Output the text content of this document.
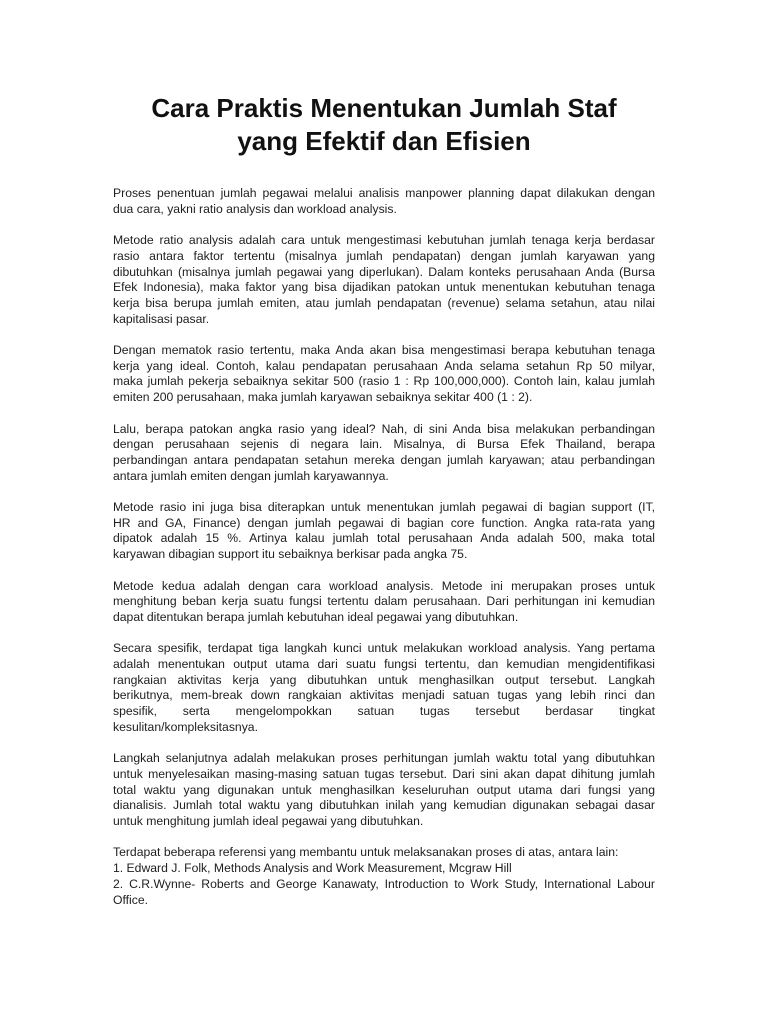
Cara Praktis Menentukan Jumlah Staf
yang Efektif dan Efisien
Proses penentuan jumlah pegawai melalui analisis manpower planning dapat dilakukan dengan
dua cara, yakni ratio analysis dan workload analysis.
Metode ratio analysis adalah cara untuk mengestimasi kebutuhan jumlah tenaga kerja berdasar
rasio antara faktor tertentu (misalnya jumlah pendapatan) dengan jumlah karyawan yang
dibutuhkan (misalnya jumlah pegawai yang diperlukan). Dalam konteks perusahaan Anda (Bursa
Efek Indonesia), maka faktor yang bisa dijadikan patokan untuk menentukan kebutuhan tenaga
kerja bisa berupa jumlah emiten, atau jumlah pendapatan (revenue) selama setahun, atau nilai
kapitalisasi pasar.
Dengan mematok rasio tertentu, maka Anda akan bisa mengestimasi berapa kebutuhan tenaga
kerja yang ideal. Contoh, kalau pendapatan perusahaan Anda selama setahun Rp 50 milyar,
maka jumlah pekerja sebaiknya sekitar 500 (rasio 1 : Rp 100,000,000). Contoh lain, kalau jumlah
emiten 200 perusahaan, maka jumlah karyawan sebaiknya sekitar 400 (1 : 2).
Lalu, berapa patokan angka rasio yang ideal? Nah, di sini Anda bisa melakukan perbandingan
dengan perusahaan sejenis di negara lain. Misalnya, di Bursa Efek Thailand, berapa
perbandingan antara pendapatan setahun mereka dengan jumlah karyawan; atau perbandingan
antara jumlah emiten dengan jumlah karyawannya.
Metode rasio ini juga bisa diterapkan untuk menentukan jumlah pegawai di bagian support (IT,
HR and GA, Finance) dengan jumlah pegawai di bagian core function. Angka rata-rata yang
dipatok adalah 15 %. Artinya kalau jumlah total perusahaan Anda adalah 500, maka total
karyawan dibagian support itu sebaiknya berkisar pada angka 75.
Metode kedua adalah dengan cara workload analysis. Metode ini merupakan proses untuk
menghitung beban kerja suatu fungsi tertentu dalam perusahaan. Dari perhitungan ini kemudian
dapat ditentukan berapa jumlah kebutuhan ideal pegawai yang dibutuhkan.
Secara spesifik, terdapat tiga langkah kunci untuk melakukan workload analysis. Yang pertama
adalah menentukan output utama dari suatu fungsi tertentu, dan kemudian mengidentifikasi
rangkaian aktivitas kerja yang dibutuhkan untuk menghasilkan output tersebut. Langkah
berikutnya, mem-break down rangkaian aktivitas menjadi satuan tugas yang lebih rinci dan
spesifik, serta mengelompokkan satuan tugas tersebut berdasar tingkat
kesulitan/kompleksitasnya.
Langkah selanjutnya adalah melakukan proses perhitungan jumlah waktu total yang dibutuhkan
untuk menyelesaikan masing-masing satuan tugas tersebut. Dari sini akan dapat dihitung jumlah
total waktu yang digunakan untuk menghasilkan keseluruhan output utama dari fungsi yang
dianalisis. Jumlah total waktu yang dibutuhkan inilah yang kemudian digunakan sebagai dasar
untuk menghitung jumlah ideal pegawai yang dibutuhkan.
Terdapat beberapa referensi yang membantu untuk melaksanakan proses di atas, antara lain:
1. Edward J. Folk, Methods Analysis and Work Measurement, Mcgraw Hill
2. C.R.Wynne- Roberts and George Kanawaty, Introduction to Work Study, International Labour
Office.
